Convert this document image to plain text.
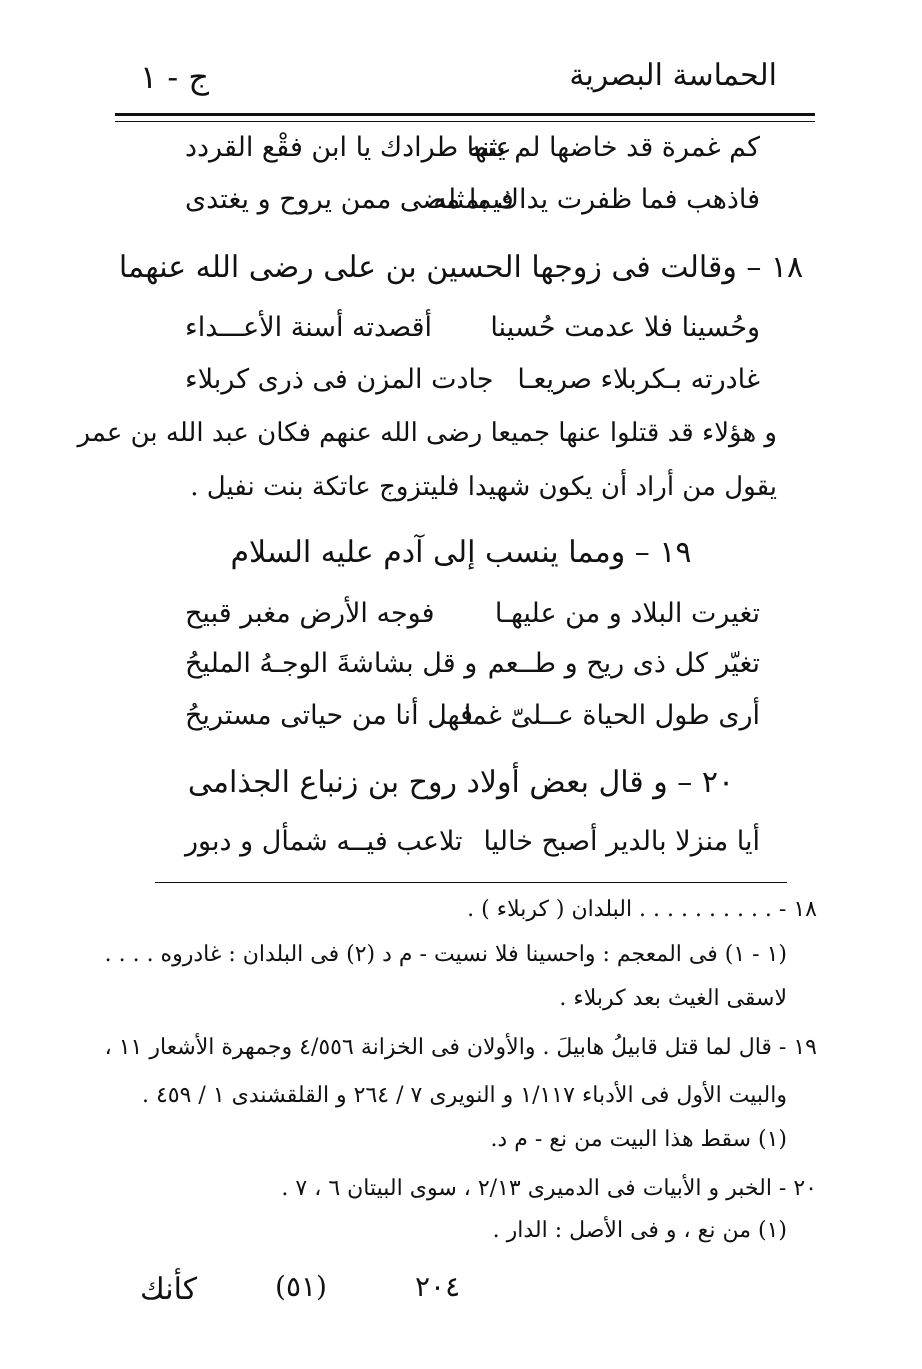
الحماسة البصرية
ج - ١
كم غمرة قد خاضها لم يثنه
عنها طرادك يا ابن فقْع القردد
فاذهب فما ظفرت يداك بمثله
فيما مضى ممن يروح و يغتدى
١٨ – وقالت فى زوجها الحسين بن على رضى الله عنهما
وحُسينا فلا عدمت حُسينا
أقصدته أسنة الأعـــداء
غادرته بـكربلاء صريعـا
جادت المزن فى ذرى كربلاء
و هؤلاء قد قتلوا عنها جميعا رضى الله عنهم فكان عبد الله بن عمر
يقول من أراد أن يكون شهيدا فليتزوج عاتكة بنت نفيل .
١٩ – ومما ينسب إلى آدم عليه السلام
تغيرت البلاد و من عليهـا
فوجه الأرض مغبر قبيح
تغيّر كل ذى ريح و طــعم
و قل بشاشةَ الوجـهُ المليحُ
أرى طول الحياة عــلىّ غما
فهل أنا من حياتى مستريحُ
٢٠ – و قال بعض أولاد روح بن زنباع الجذامى
أيا منزلا بالدير أصبح خاليا
تلاعب فيــه شمأل و دبور
١٨ - . . . . . . . . . . البلدان ( كربلاء ) .
(١ - ١) فى المعجم : واحسينا فلا نسيت - م د (٢) فى البلدان : غادروه . . . .
لاسقى الغيث بعد كربلاء .
١٩ - قال لما قتل قابيلُ هابيلَ . والأولان فى الخزانة ٤/٥٥٦ وجمهرة الأشعار ١١ ،
والبيت الأول فى الأدباء ١/١١٧ و النويرى ٧ / ٢٦٤ و القلقشندى ١ / ٤٥٩ .
(١) سقط هذا البيت من نع - م د.
٢٠ - الخبر و الأبيات فى الدميرى ٢/١٣ ، سوى البيتان ٦ ، ٧ .
(١) من نع ، و فى الأصل : الدار .
كأنك	(٥١)	٢٠٤
